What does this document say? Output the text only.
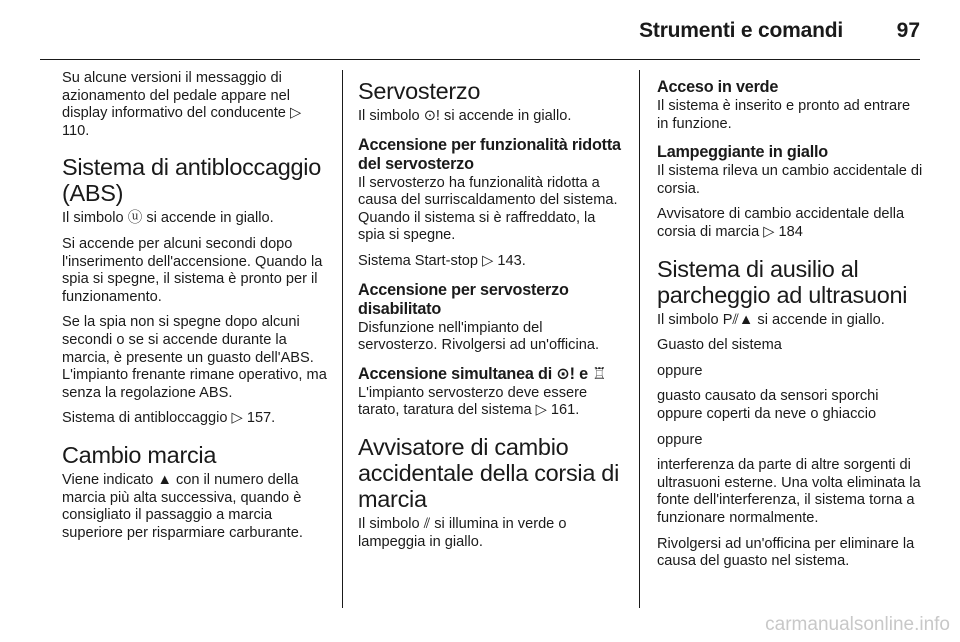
Strumenti e comandi	97

Su alcune versioni il messaggio di azionamento del pedale appare nel display informativo del conducente ▷ 110.

Sistema di antibloccaggio (ABS)

Il simbolo ⓤ si accende in giallo.

Si accende per alcuni secondi dopo l'inserimento dell'accensione. Quando la spia si spegne, il sistema è pronto per il funzionamento.

Se la spia non si spegne dopo alcuni secondi o se si accende durante la marcia, è presente un guasto dell'ABS. L'impianto frenante rimane operativo, ma senza la regolazione ABS.

Sistema di antibloccaggio ▷ 157.

Cambio marcia

Viene indicato ▲ con il numero della marcia più alta successiva, quando è consigliato il passaggio a marcia superiore per risparmiare carburante.

Servosterzo

Il simbolo ⊙! si accende in giallo.

Accensione per funzionalità ridotta del servosterzo

Il servosterzo ha funzionalità ridotta a causa del surriscaldamento del sistema. Quando il sistema si è raffreddato, la spia si spegne.

Sistema Start-stop ▷ 143.

Accensione per servosterzo disabilitato

Disfunzione nell'impianto del servosterzo. Rivolgersi ad un'officina.

Accensione simultanea di ⊙! e ♖

L'impianto servosterzo deve essere tarato, taratura del sistema ▷ 161.

Avvisatore di cambio accidentale della corsia di marcia

Il simbolo ⫽ si illumina in verde o lampeggia in giallo.

Acceso in verde

Il sistema è inserito e pronto ad entrare in funzione.

Lampeggiante in giallo

Il sistema rileva un cambio accidentale di corsia.

Avvisatore di cambio accidentale della corsia di marcia ▷ 184

Sistema di ausilio al parcheggio ad ultrasuoni

Il simbolo P⫽▲ si accende in giallo.

Guasto del sistema

oppure

guasto causato da sensori sporchi oppure coperti da neve o ghiaccio

oppure

interferenza da parte di altre sorgenti di ultrasuoni esterne. Una volta eliminata la fonte dell'interferenza, il sistema torna a funzionare normalmente.

Rivolgersi ad un'officina per eliminare la causa del guasto nel sistema.

carmanualsonline.info
